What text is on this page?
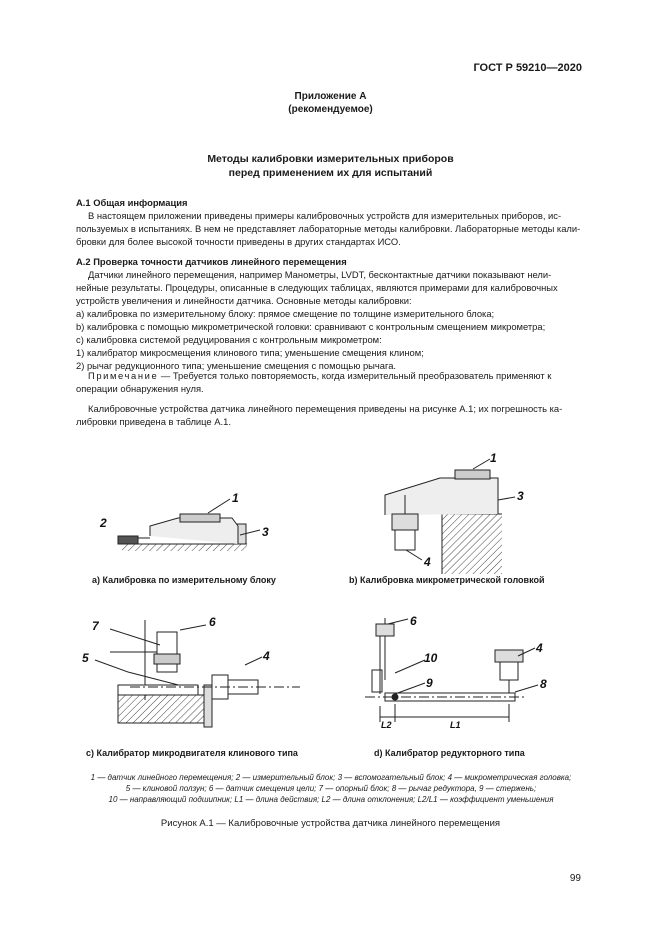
ГОСТ Р 59210—2020
Приложение А
(рекомендуемое)
Методы калибровки измерительных приборов
перед применением их для испытаний
А.1 Общая информация
В настоящем приложении приведены примеры калибровочных устройств для измерительных приборов, ис-
пользуемых в испытаниях. В нем не представляет лабораторные методы калибровки. Лабораторные методы кали-
бровки для более высокой точности приведены в других стандартах ИСО.
А.2 Проверка точности датчиков линейного перемещения
Датчики линейного перемещения, например Манометры, LVDT, бесконтактные датчики показывают нели-
нейные результаты. Процедуры, описанные в следующих таблицах, являются примерами для калибровочных
устройств увеличения и линейности датчика. Основные методы калибровки:
a) калибровка по измерительному блоку: прямое смещение по толщине измерительного блока;
b) калибровка с помощью микрометрической головки: сравнивают с контрольным смещением микрометра;
c) калибровка системой редуцирования с контрольным микрометром:
1) калибратор микросмещения клинового типа; уменьшение смещения клином;
2) рычаг редукционного типа; уменьшение смещения с помощью рычага.
Примечание — Требуется только повторяемость, когда измерительный преобразователь применяют к
операции обнаружения нуля.
Калибровочные устройства датчика линейного перемещения приведены на рисунке А.1; их погрешность ка-
либровки приведена в таблице А.1.
1
2
3
1
3
4
7	6
5	4
6
4
10
9	8
L2	L1
а) Калибровка по измерительному блоку	b) Калибровка микрометрической головкой
с) Калибратор микродвигателя клинового типа	d) Калибратор редукторного типа
1 — датчик линейного перемещения; 2 — измерительный блок; 3 — вспомогательный блок; 4 — микрометрическая головка;
5 — клиновой ползун; 6 — датчик смещения цели; 7 — опорный блок; 8 — рычаг редуктора, 9 — стержень;
10 — направляющий подшипник; L1 — длина действия; L2 — длина отклонения; L2/L1 — коэффициент уменьшения
Рисунок А.1 — Калибровочные устройства датчика линейного перемещения
99
